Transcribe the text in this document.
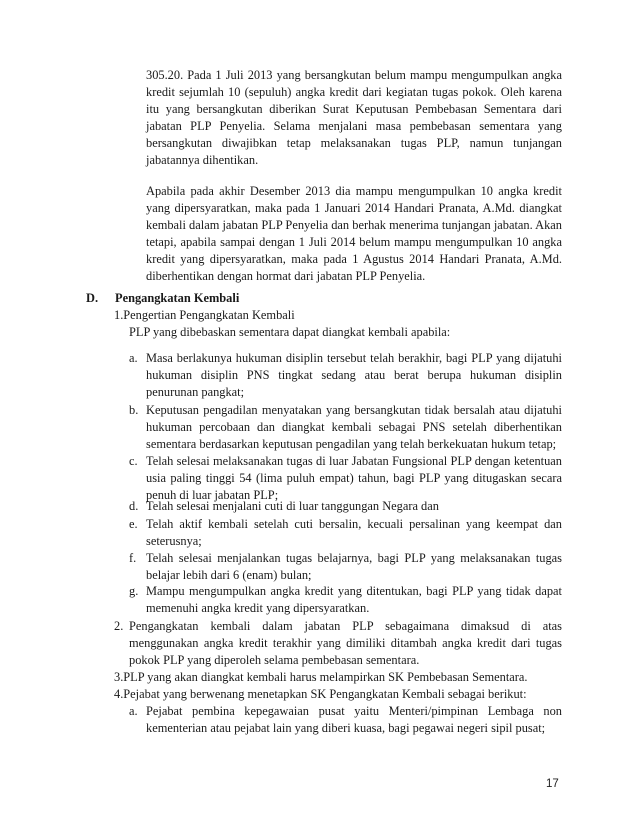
305.20. Pada 1 Juli 2013 yang bersangkutan belum mampu mengumpulkan angka kredit sejumlah 10 (sepuluh) angka kredit dari kegiatan tugas pokok. Oleh karena itu yang bersangkutan diberikan Surat Keputusan Pembebasan Sementara dari jabatan PLP Penyelia. Selama menjalani masa pembebasan sementara yang bersangkutan diwajibkan tetap melaksanakan tugas PLP, namun tunjangan jabatannya dihentikan.
Apabila pada akhir Desember 2013 dia mampu mengumpulkan 10 angka kredit yang dipersyaratkan, maka pada 1 Januari 2014 Handari Pranata, A.Md. diangkat kembali dalam jabatan PLP Penyelia dan berhak menerima tunjangan jabatan. Akan tetapi, apabila sampai dengan 1 Juli 2014 belum mampu mengumpulkan 10 angka kredit yang dipersyaratkan, maka pada 1 Agustus 2014 Handari Pranata, A.Md. diberhentikan dengan hormat dari jabatan PLP Penyelia.
D. Pengangkatan Kembali
1.Pengertian Pengangkatan Kembali
PLP yang dibebaskan sementara dapat diangkat kembali apabila:
a. Masa berlakunya hukuman disiplin tersebut telah berakhir, bagi PLP yang dijatuhi hukuman disiplin PNS tingkat sedang atau berat berupa hukuman disiplin penurunan pangkat;
b. Keputusan pengadilan menyatakan yang bersangkutan tidak bersalah atau dijatuhi hukuman percobaan dan diangkat kembali sebagai PNS setelah diberhentikan sementara berdasarkan keputusan pengadilan yang telah berkekuatan hukum tetap;
c. Telah selesai melaksanakan tugas di luar Jabatan Fungsional PLP dengan ketentuan usia paling tinggi 54 (lima puluh empat) tahun, bagi PLP yang ditugaskan secara penuh di luar jabatan PLP;
d. Telah selesai menjalani cuti di luar tanggungan Negara dan
e. Telah aktif kembali setelah cuti bersalin, kecuali persalinan yang keempat dan seterusnya;
f. Telah selesai menjalankan tugas belajarnya, bagi PLP yang melaksanakan tugas belajar lebih dari 6 (enam) bulan;
g. Mampu mengumpulkan angka kredit yang ditentukan, bagi PLP yang tidak dapat memenuhi angka kredit yang dipersyaratkan.
2. Pengangkatan kembali dalam jabatan PLP sebagaimana dimaksud di atas menggunakan angka kredit terakhir yang dimiliki ditambah angka kredit dari tugas pokok PLP yang diperoleh selama pembebasan sementara.
3.PLP yang akan diangkat kembali harus melampirkan SK Pembebasan Sementara.
4.Pejabat yang berwenang menetapkan SK Pengangkatan Kembali sebagai berikut:
a. Pejabat pembina kepegawaian pusat yaitu Menteri/pimpinan Lembaga non kementerian atau pejabat lain yang diberi kuasa, bagi pegawai negeri sipil pusat;
17
